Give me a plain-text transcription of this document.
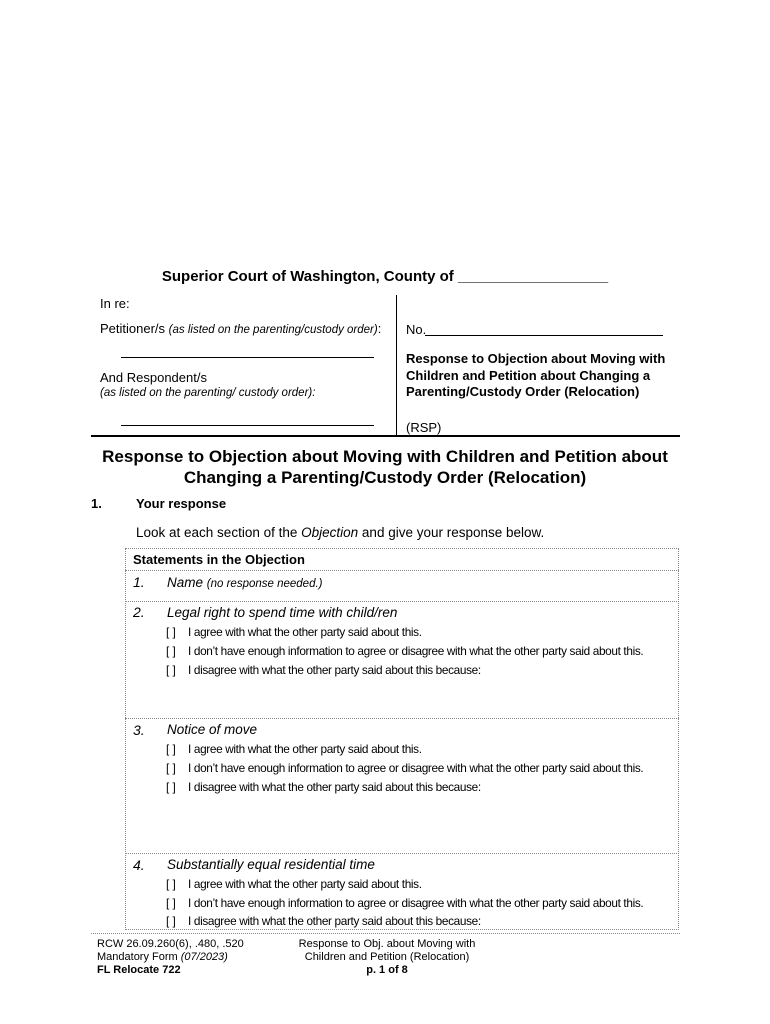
Superior Court of Washington, County of __________________
In re:
Petitioner/s (as listed on the parenting/custody order):
And Respondent/s
(as listed on the parenting/ custody order):
No.
Response to Objection about Moving with Children and Petition about Changing a Parenting/Custody Order (Relocation)
(RSP)
Response to Objection about Moving with Children and Petition about
Changing a Parenting/Custody Order (Relocation)
1.	Your response
Look at each section of the Objection and give your response below.
Statements in the Objection
1. Name (no response needed.)
2. Legal right to spend time with child/ren
[ ] I agree with what the other party said about this.
[ ] I don’t have enough information to agree or disagree with what the other party said about this.
[ ] I disagree with what the other party said about this because:
3. Notice of move
[ ] I agree with what the other party said about this.
[ ] I don’t have enough information to agree or disagree with what the other party said about this.
[ ] I disagree with what the other party said about this because:
4. Substantially equal residential time
[ ] I agree with what the other party said about this.
[ ] I don’t have enough information to agree or disagree with what the other party said about this.
[ ] I disagree with what the other party said about this because:
RCW 26.09.260(6), .480, .520
Mandatory Form (07/2023)
FL Relocate 722
Response to Obj. about Moving with
Children and Petition (Relocation)
p. 1 of 8
